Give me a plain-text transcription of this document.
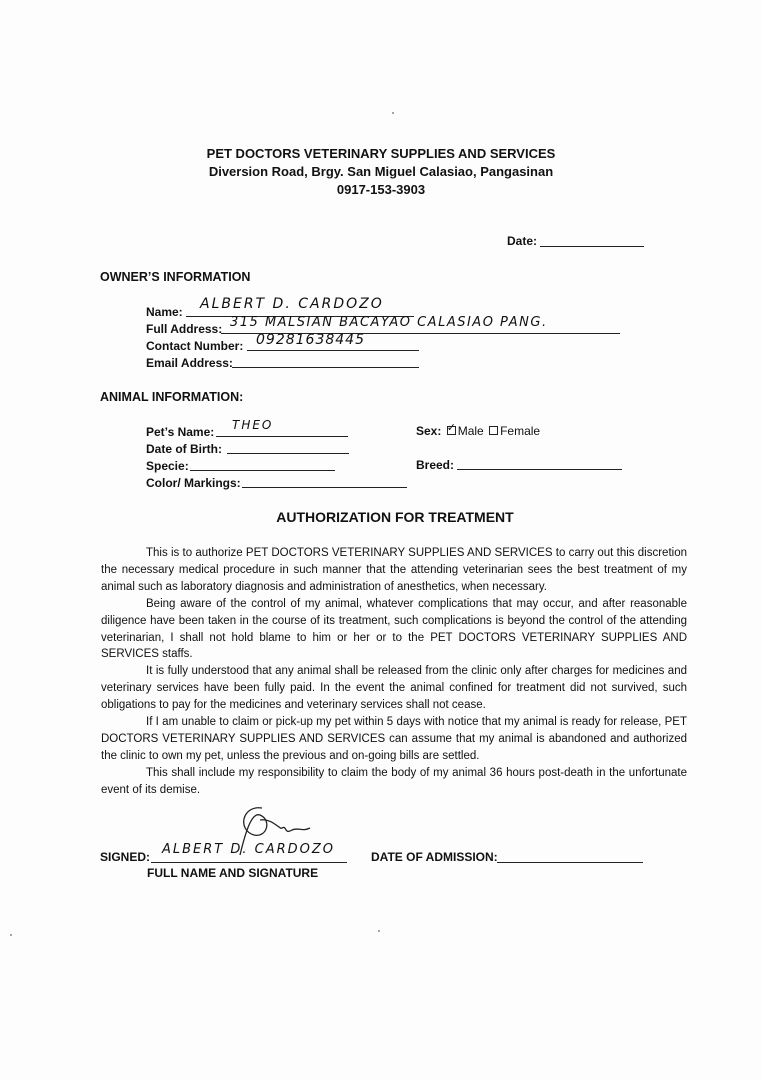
PET DOCTORS VETERINARY SUPPLIES AND SERVICES
Diversion Road, Brgy. San Miguel Calasiao, Pangasinan
0917-153-3903
Date:
OWNER’S INFORMATION
Name: ALBERT D. CARDOZO
Full Address: 315 MALSIAN BACAYAO CALASIAO PANG.
Contact Number: 09281638445
Email Address:
ANIMAL INFORMATION:
Pet’s Name: THEO
Date of Birth:
Specie:
Color/ Markings:
Sex: ✓ Male Female
Breed:
AUTHORIZATION FOR TREATMENT

This is to authorize PET DOCTORS VETERINARY SUPPLIES AND SERVICES to carry out this discretion the necessary medical procedure in such manner that the attending veterinarian sees the best treatment of my animal such as laboratory diagnosis and administration of anesthetics, when necessary.

Being aware of the control of my animal, whatever complications that may occur, and after reasonable diligence have been taken in the course of its treatment, such complications is beyond the control of the attending veterinarian, I shall not hold blame to him or her or to the PET DOCTORS VETERINARY SUPPLIES AND SERVICES staffs.

It is fully understood that any animal shall be released from the clinic only after charges for medicines and veterinary services have been fully paid. In the event the animal confined for treatment did not survived, such obligations to pay for the medicines and veterinary services shall not cease.

If I am unable to claim or pick-up my pet within 5 days with notice that my animal is ready for release, PET DOCTORS VETERINARY SUPPLIES AND SERVICES can assume that my animal is abandoned and authorized the clinic to own my pet, unless the previous and on-going bills are settled.

This shall include my responsibility to claim the body of my animal 36 hours post-death in the unfortunate event of its demise.

SIGNED: ALBERT D. CARDOZO
FULL NAME AND SIGNATURE
DATE OF ADMISSION:
